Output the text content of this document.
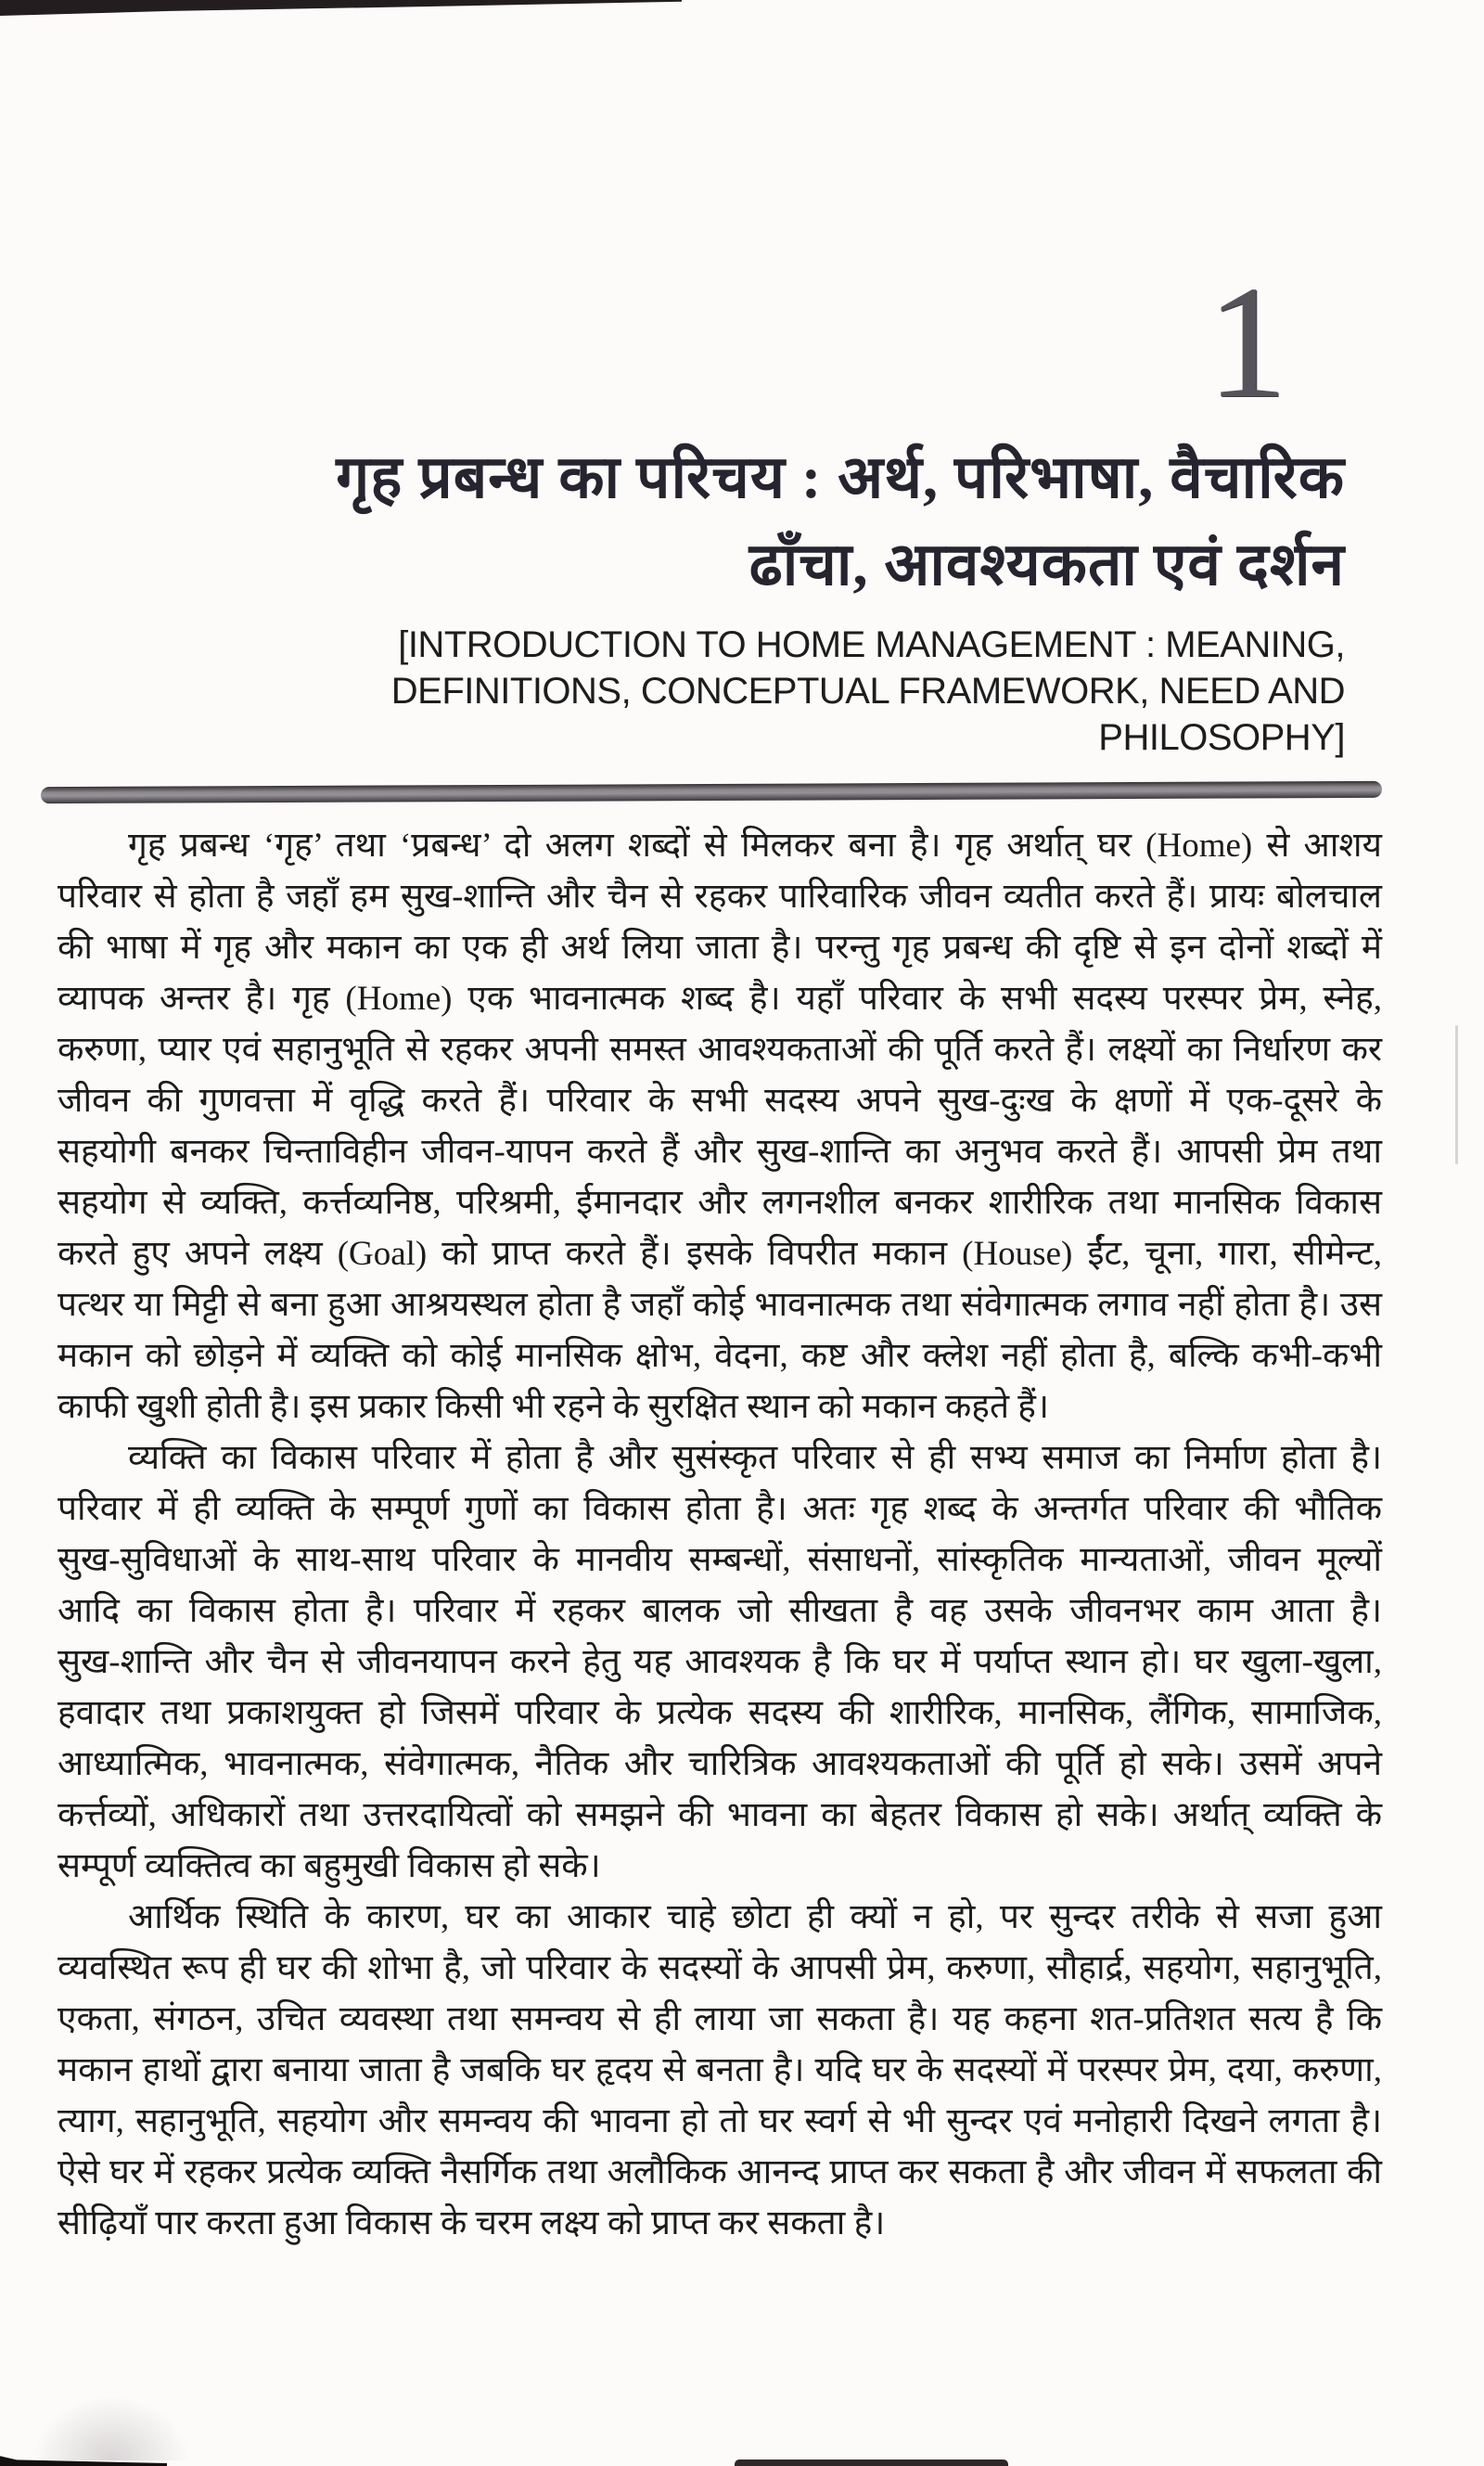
1
गृह प्रबन्ध का परिचय : अर्थ, परिभाषा, वैचारिक
ढाँचा, आवश्यकता एवं दर्शन
[INTRODUCTION TO HOME MANAGEMENT : MEANING,
DEFINITIONS, CONCEPTUAL FRAMEWORK, NEED AND
PHILOSOPHY]
गृह प्रबन्ध ‘गृह’ तथा ‘प्रबन्ध’ दो अलग शब्दों से मिलकर बना है। गृह अर्थात् घर (Home) से आशय
परिवार से होता है जहाँ हम सुख-शान्ति और चैन से रहकर पारिवारिक जीवन व्यतीत करते हैं। प्रायः बोलचाल
की भाषा में गृह और मकान का एक ही अर्थ लिया जाता है। परन्तु गृह प्रबन्ध की दृष्टि से इन दोनों शब्दों में
व्यापक अन्तर है। गृह (Home) एक भावनात्मक शब्द है। यहाँ परिवार के सभी सदस्य परस्पर प्रेम, स्नेह,
करुणा, प्यार एवं सहानुभूति से रहकर अपनी समस्त आवश्यकताओं की पूर्ति करते हैं। लक्ष्यों का निर्धारण कर
जीवन की गुणवत्ता में वृद्धि करते हैं। परिवार के सभी सदस्य अपने सुख-दुःख के क्षणों में एक-दूसरे के
सहयोगी बनकर चिन्ताविहीन जीवन-यापन करते हैं और सुख-शान्ति का अनुभव करते हैं। आपसी प्रेम तथा
सहयोग से व्यक्ति, कर्त्तव्यनिष्ठ, परिश्रमी, ईमानदार और लगनशील बनकर शारीरिक तथा मानसिक विकास
करते हुए अपने लक्ष्य (Goal) को प्राप्त करते हैं। इसके विपरीत मकान (House) ईंट, चूना, गारा, सीमेन्ट,
पत्थर या मिट्टी से बना हुआ आश्रयस्थल होता है जहाँ कोई भावनात्मक तथा संवेगात्मक लगाव नहीं होता है। उस
मकान को छोड़ने में व्यक्ति को कोई मानसिक क्षोभ, वेदना, कष्ट और क्लेश नहीं होता है, बल्कि कभी-कभी
काफी खुशी होती है। इस प्रकार किसी भी रहने के सुरक्षित स्थान को मकान कहते हैं।
व्यक्ति का विकास परिवार में होता है और सुसंस्कृत परिवार से ही सभ्य समाज का निर्माण होता है।
परिवार में ही व्यक्ति के सम्पूर्ण गुणों का विकास होता है। अतः गृह शब्द के अन्तर्गत परिवार की भौतिक
सुख-सुविधाओं के साथ-साथ परिवार के मानवीय सम्बन्धों, संसाधनों, सांस्कृतिक मान्यताओं, जीवन मूल्यों
आदि का विकास होता है। परिवार में रहकर बालक जो सीखता है वह उसके जीवनभर काम आता है।
सुख-शान्ति और चैन से जीवनयापन करने हेतु यह आवश्यक है कि घर में पर्याप्त स्थान हो। घर खुला-खुला,
हवादार तथा प्रकाशयुक्त हो जिसमें परिवार के प्रत्येक सदस्य की शारीरिक, मानसिक, लैंगिक, सामाजिक,
आध्यात्मिक, भावनात्मक, संवेगात्मक, नैतिक और चारित्रिक आवश्यकताओं की पूर्ति हो सके। उसमें अपने
कर्त्तव्यों, अधिकारों तथा उत्तरदायित्वों को समझने की भावना का बेहतर विकास हो सके। अर्थात् व्यक्ति के
सम्पूर्ण व्यक्तित्व का बहुमुखी विकास हो सके।
आर्थिक स्थिति के कारण, घर का आकार चाहे छोटा ही क्यों न हो, पर सुन्दर तरीके से सजा हुआ
व्यवस्थित रूप ही घर की शोभा है, जो परिवार के सदस्यों के आपसी प्रेम, करुणा, सौहार्द्र, सहयोग, सहानुभूति,
एकता, संगठन, उचित व्यवस्था तथा समन्वय से ही लाया जा सकता है। यह कहना शत-प्रतिशत सत्य है कि
मकान हाथों द्वारा बनाया जाता है जबकि घर हृदय से बनता है। यदि घर के सदस्यों में परस्पर प्रेम, दया, करुणा,
त्याग, सहानुभूति, सहयोग और समन्वय की भावना हो तो घर स्वर्ग से भी सुन्दर एवं मनोहारी दिखने लगता है।
ऐसे घर में रहकर प्रत्येक व्यक्ति नैसर्गिक तथा अलौकिक आनन्द प्राप्त कर सकता है और जीवन में सफलता की
सीढ़ियाँ पार करता हुआ विकास के चरम लक्ष्य को प्राप्त कर सकता है।
